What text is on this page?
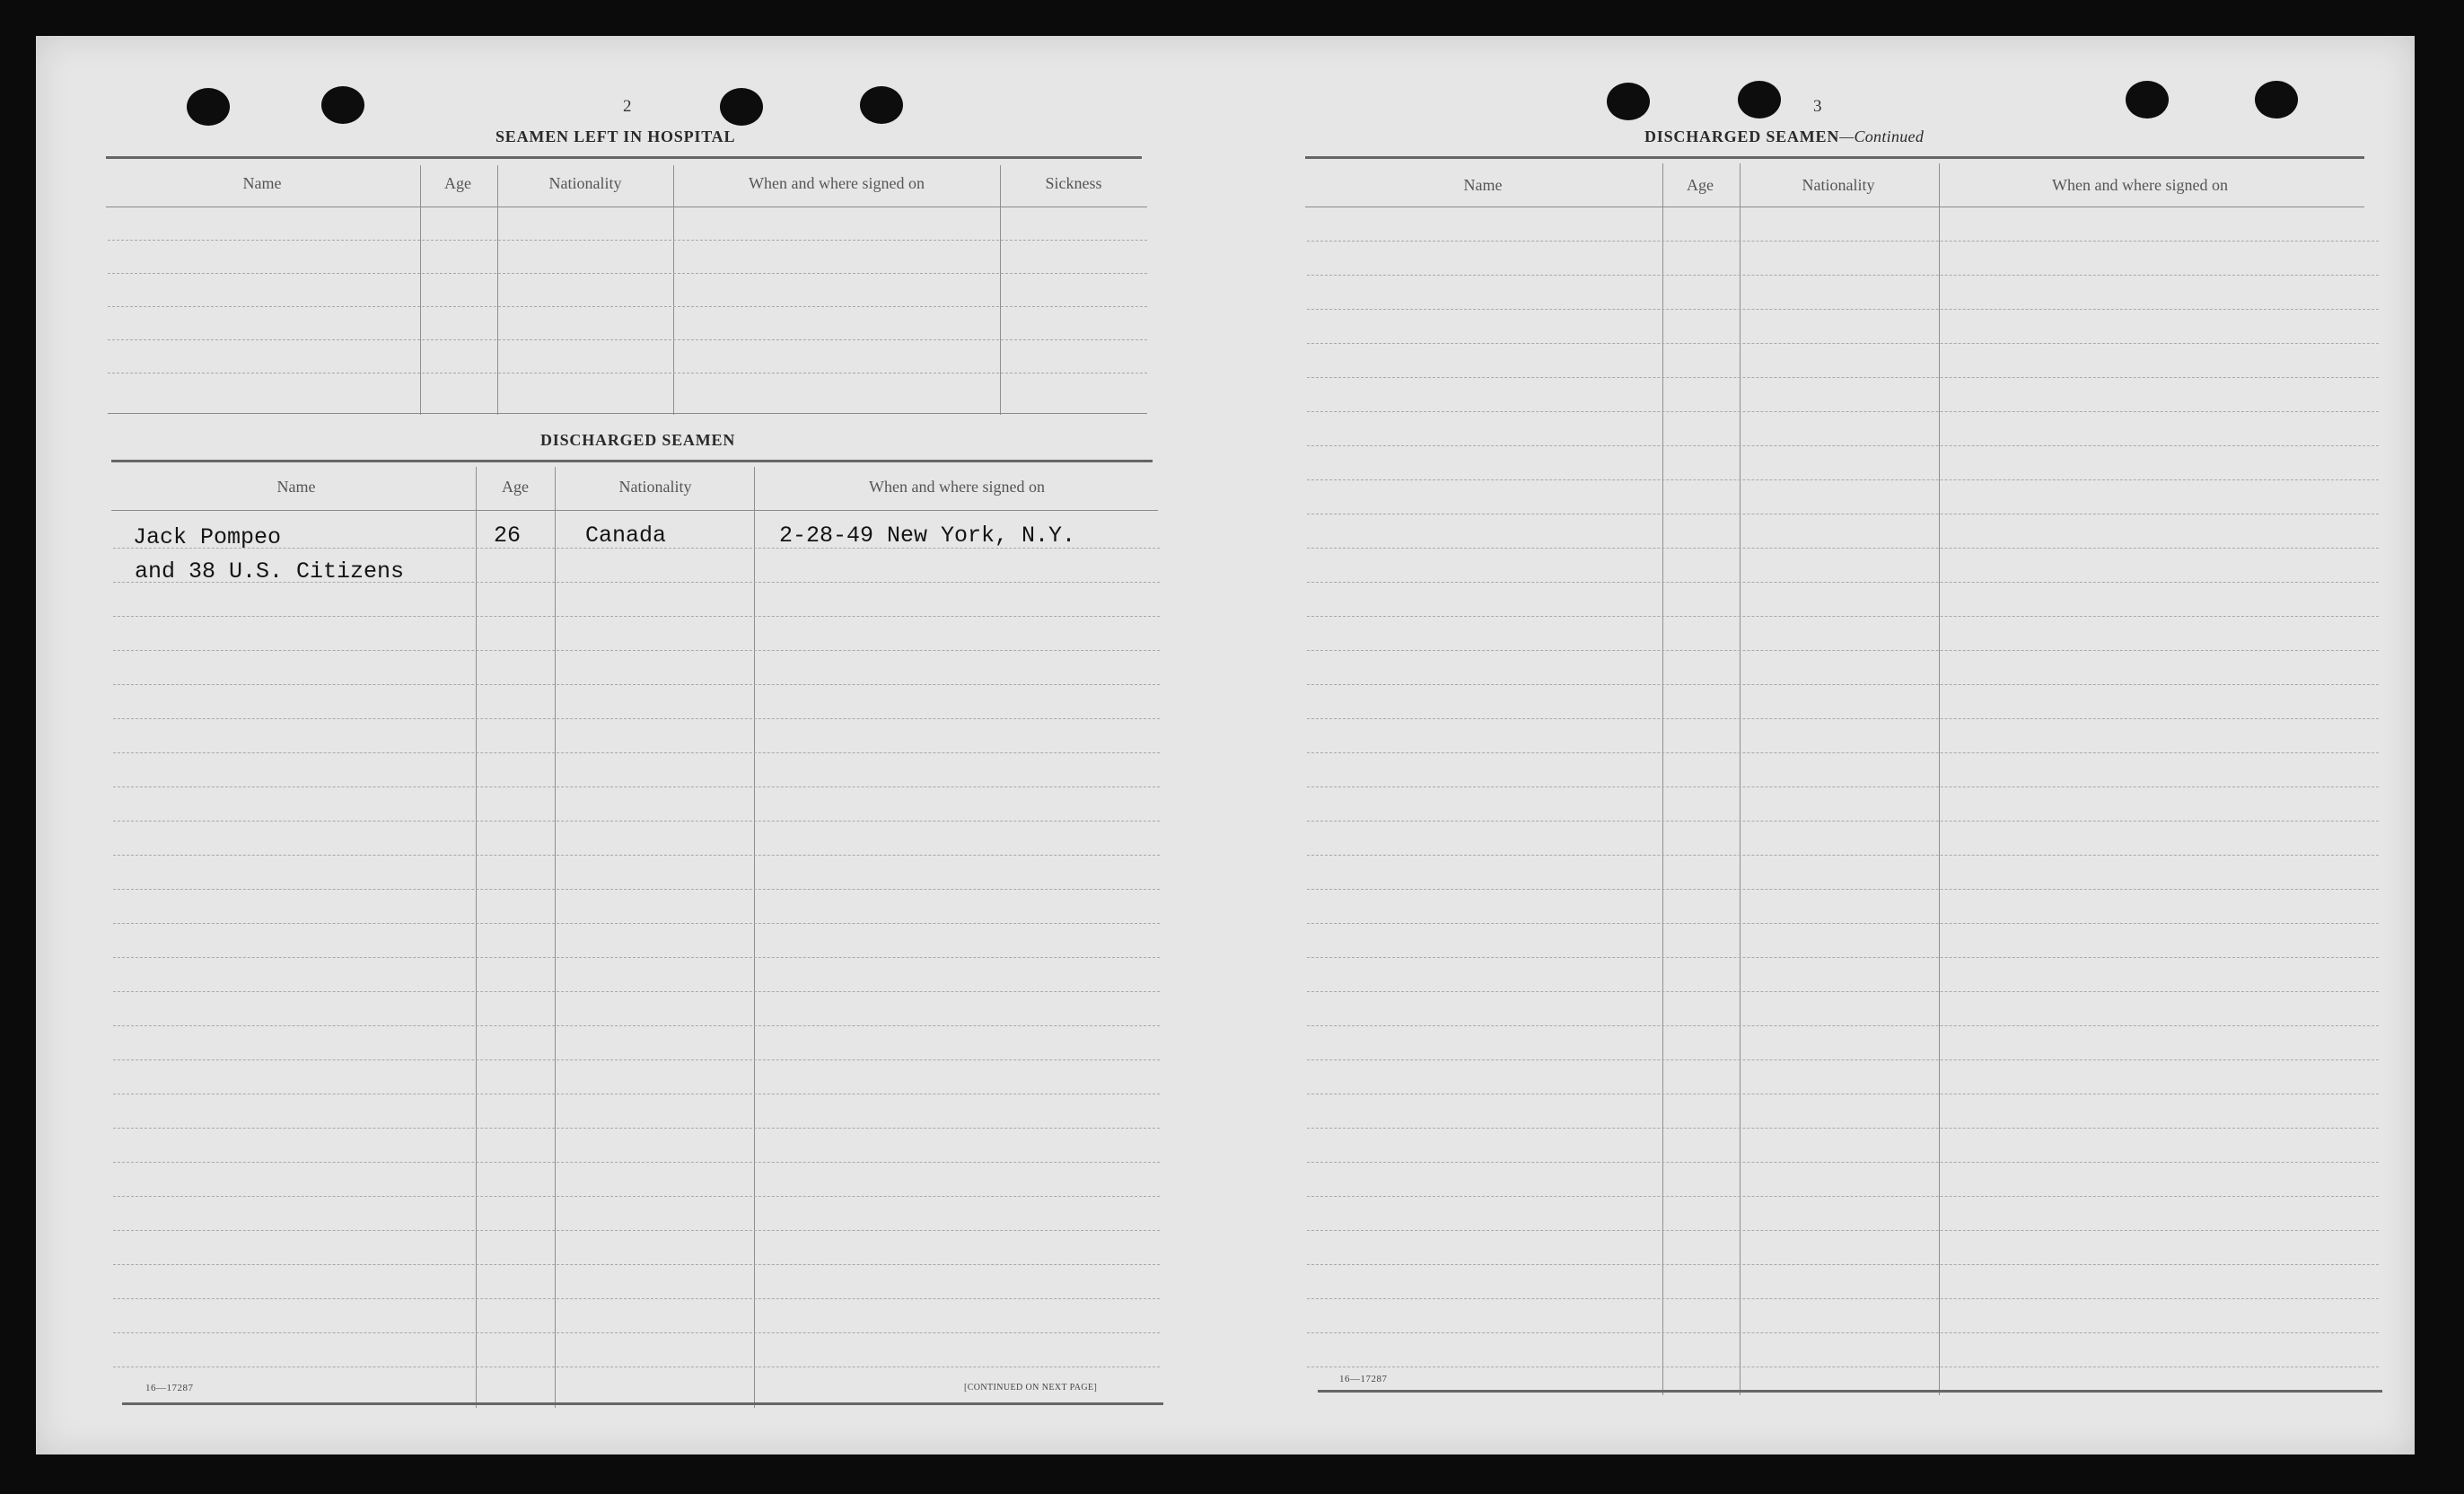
2
SEAMEN LEFT IN HOSPITAL
Name	Age	Nationality	When and where signed on	Sickness
DISCHARGED SEAMEN
Name	Age	Nationality	When and where signed on
Jack Pompeo	26	Canada	2-28-49 New York, N.Y.
and 38 U.S. Citizens
16—17287	[CONTINUED ON NEXT PAGE]
3
DISCHARGED SEAMEN—Continued
Name	Age	Nationality	When and where signed on
16—17287
